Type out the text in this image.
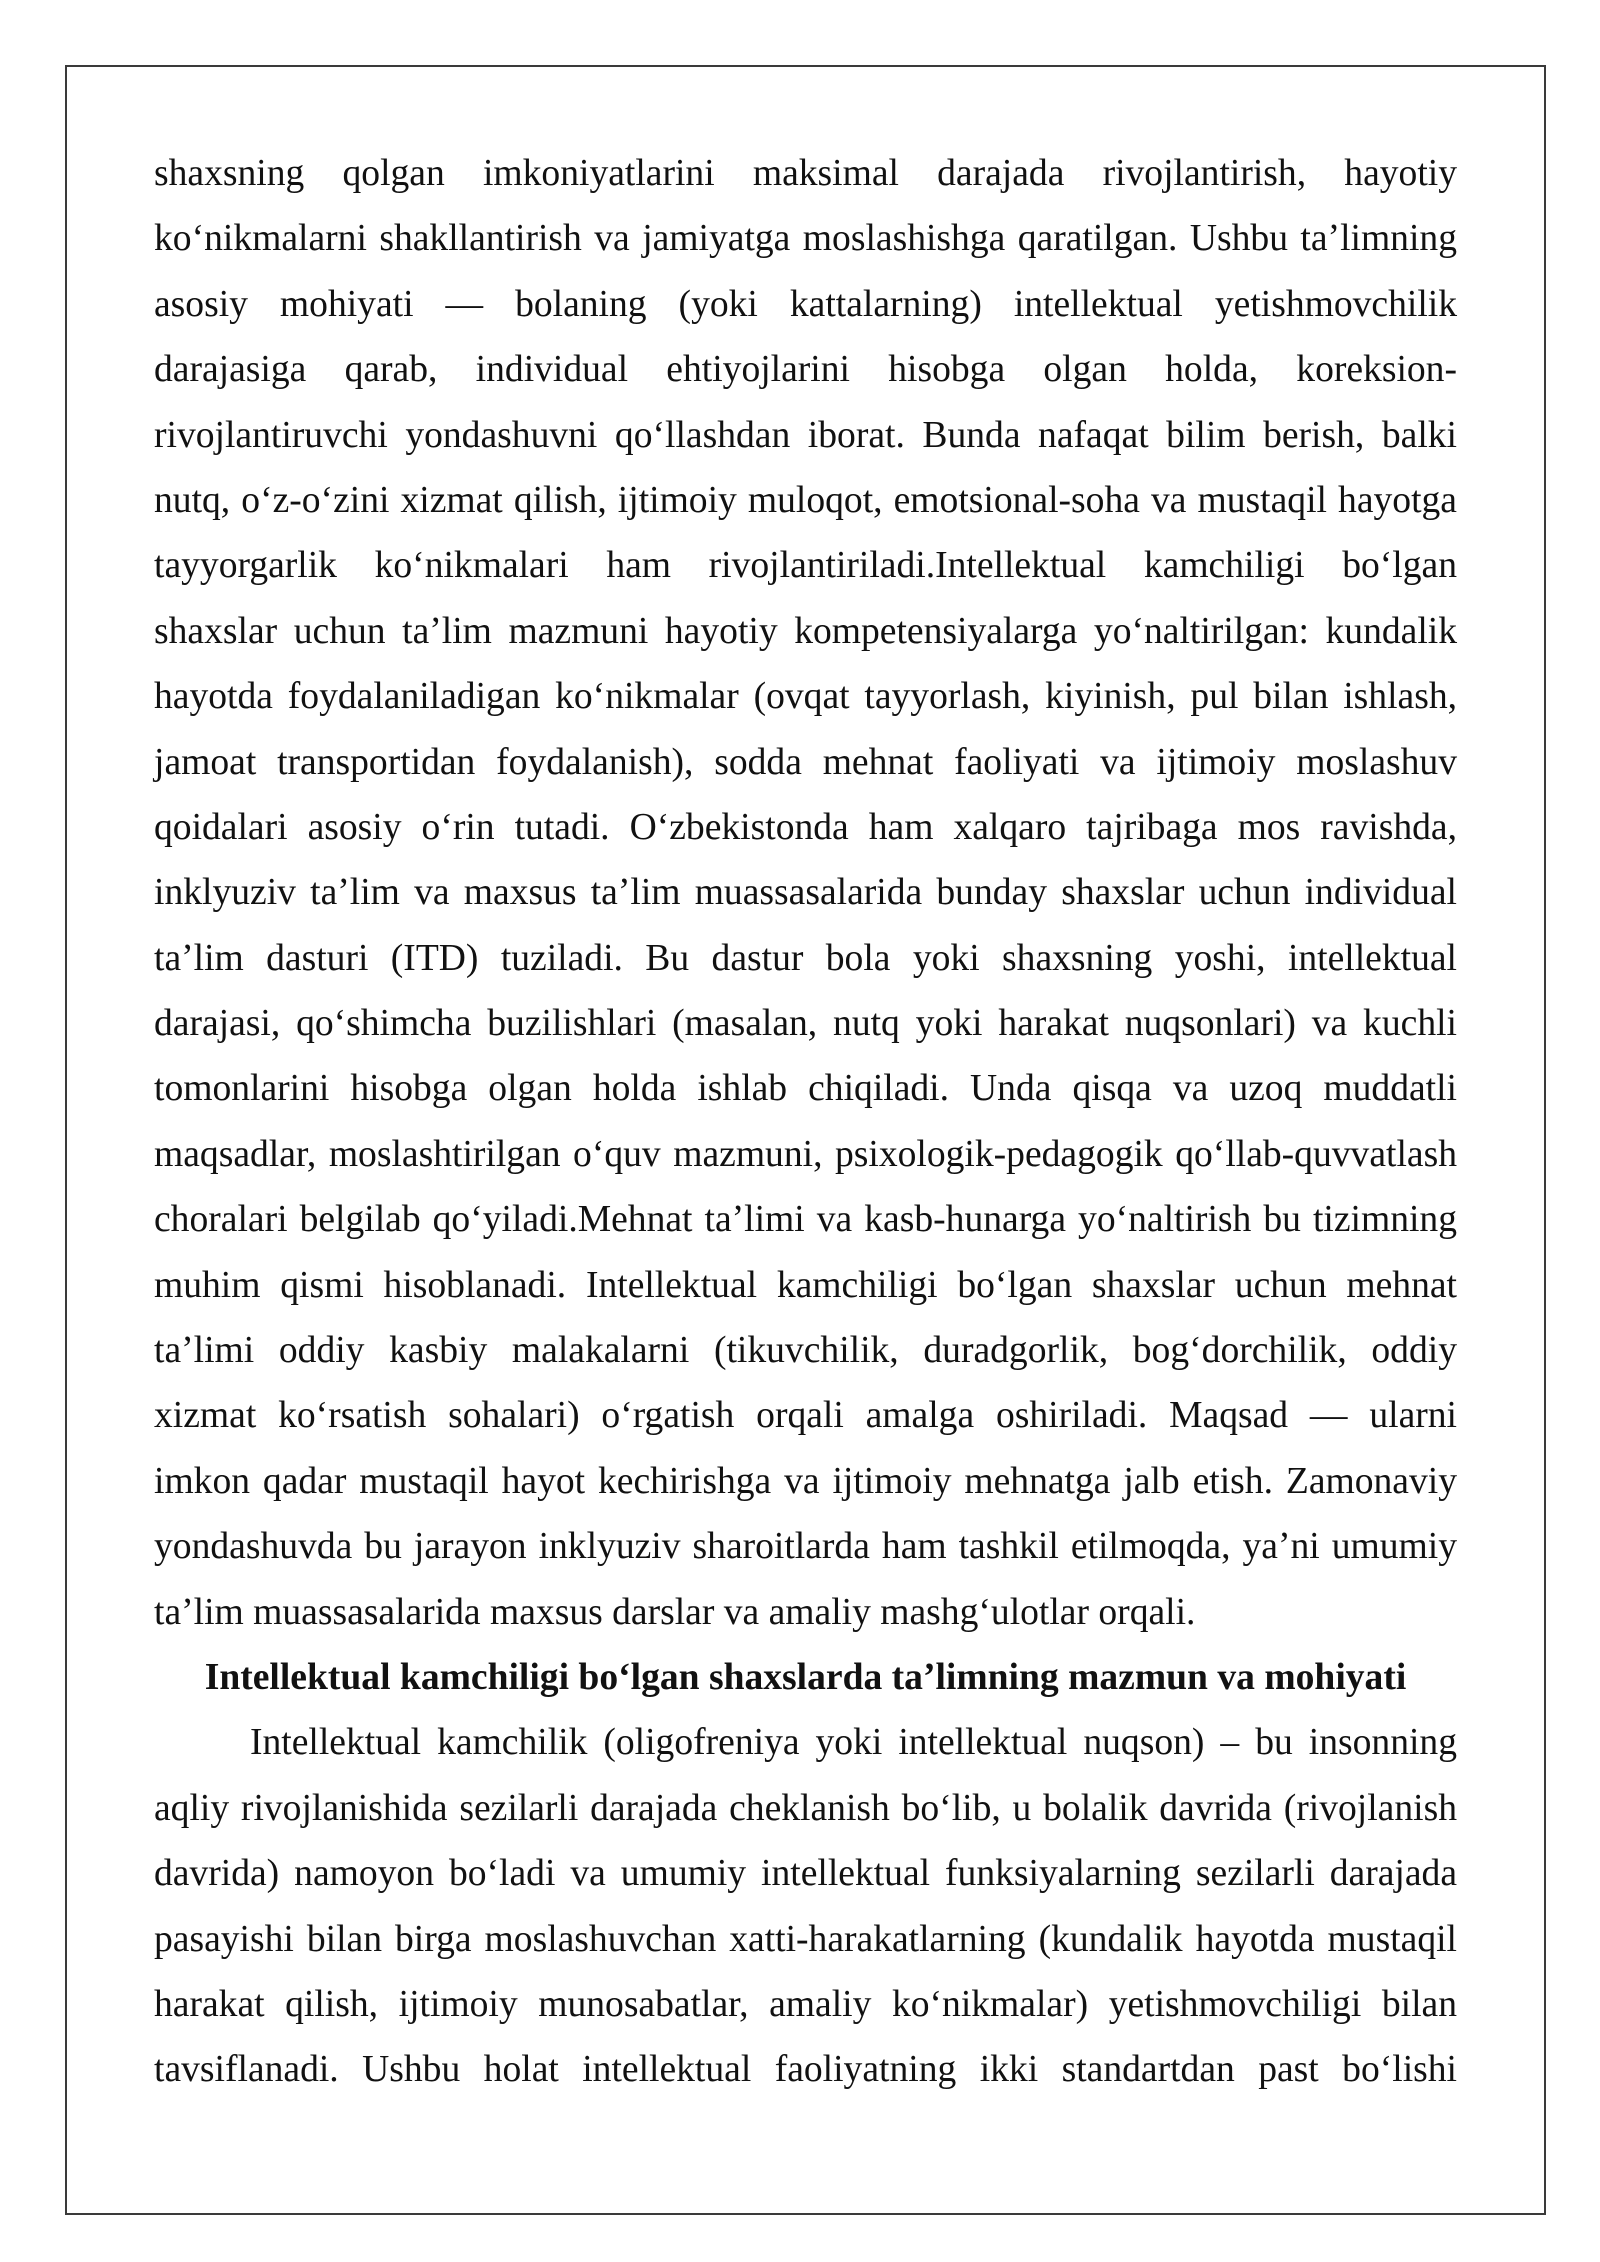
shaxsning qolgan imkoniyatlarini maksimal darajada rivojlantirish, hayotiy
koʻnikmalarni shakllantirish va jamiyatga moslashishga qaratilgan. Ushbu taʼlimning
asosiy mohiyati — bolaning (yoki kattalarning) intellektual yetishmovchilik
darajasiga qarab, individual ehtiyojlarini hisobga olgan holda, koreksion-
rivojlantiruvchi yondashuvni qoʻllashdan iborat. Bunda nafaqat bilim berish, balki
nutq, oʻz-oʻzini xizmat qilish, ijtimoiy muloqot, emotsional-soha va mustaqil hayotga
tayyorgarlik koʻnikmalari ham rivojlantiriladi.Intellektual kamchiligi boʻlgan
shaxslar uchun taʼlim mazmuni hayotiy kompetensiyalarga yoʻnaltirilgan: kundalik
hayotda foydalaniladigan koʻnikmalar (ovqat tayyorlash, kiyinish, pul bilan ishlash,
jamoat transportidan foydalanish), sodda mehnat faoliyati va ijtimoiy moslashuv
qoidalari asosiy oʻrin tutadi. Oʻzbekistonda ham xalqaro tajribaga mos ravishda,
inklyuziv taʼlim va maxsus taʼlim muassasalarida bunday shaxslar uchun individual
taʼlim dasturi (ITD) tuziladi. Bu dastur bola yoki shaxsning yoshi, intellektual
darajasi, qoʻshimcha buzilishlari (masalan, nutq yoki harakat nuqsonlari) va kuchli
tomonlarini hisobga olgan holda ishlab chiqiladi. Unda qisqa va uzoq muddatli
maqsadlar, moslashtirilgan oʻquv mazmuni, psixologik-pedagogik qoʻllab-quvvatlash
choralari belgilab qoʻyiladi.Mehnat taʼlimi va kasb-hunarga yoʻnaltirish bu tizimning
muhim qismi hisoblanadi. Intellektual kamchiligi boʻlgan shaxslar uchun mehnat
taʼlimi oddiy kasbiy malakalarni (tikuvchilik, duradgorlik, bogʻdorchilik, oddiy
xizmat koʻrsatish sohalari) oʻrgatish orqali amalga oshiriladi. Maqsad — ularni
imkon qadar mustaqil hayot kechirishga va ijtimoiy mehnatga jalb etish. Zamonaviy
yondashuvda bu jarayon inklyuziv sharoitlarda ham tashkil etilmoqda, yaʼni umumiy
taʼlim muassasalarida maxsus darslar va amaliy mashgʻulotlar orqali.
Intellektual kamchiligi boʻlgan shaxslarda taʼlimning mazmun va mohiyati
Intellektual kamchilik (oligofreniya yoki intellektual nuqson) – bu insonning
aqliy rivojlanishida sezilarli darajada cheklanish boʻlib, u bolalik davrida (rivojlanish
davrida) namoyon boʻladi va umumiy intellektual funksiyalarning sezilarli darajada
pasayishi bilan birga moslashuvchan xatti-harakatlarning (kundalik hayotda mustaqil
harakat qilish, ijtimoiy munosabatlar, amaliy koʻnikmalar) yetishmovchiligi bilan
tavsiflanadi. Ushbu holat intellektual faoliyatning ikki standartdan past boʻlishi
